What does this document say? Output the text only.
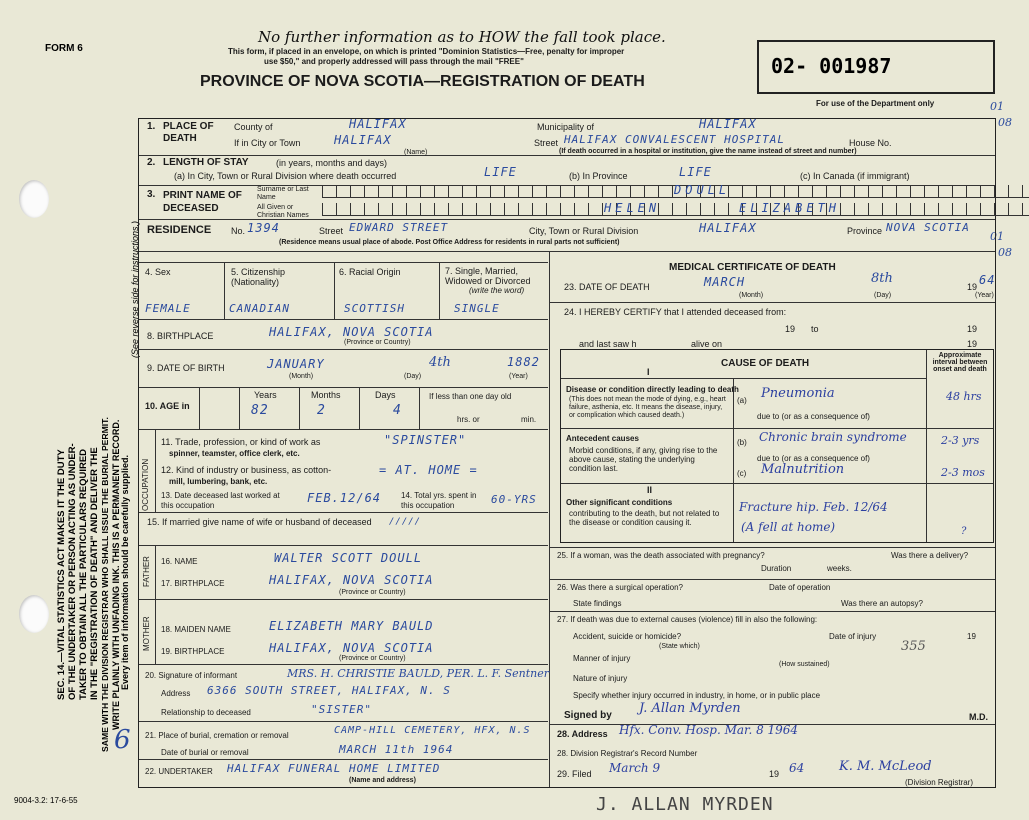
FORM 6
9004-3.2: 17-6-55
SEC. 14.—VITAL STATISTICS ACT MAKES IT THE DUTY OF THE UNDERTAKER OR PERSON ACTING AS UNDER- TAKER TO OBTAIN ALL THE PARTICULARS REQUIRED IN THE "REGISTRATION OF DEATH" AND DELIVER THE SAME WITH THE DIVISION REGISTRAR WHO SHALL ISSUE THE BURIAL PERMIT. WRITE PLAINLY WITH UNFADING INK. THIS IS A PERMANENT RECORD. Every item of information should be carefully supplied.
(See reverse side for instructions.)
No further information as to HOW the fall took place.
This form, if placed in an envelope, on which is printed "Dominion Statistics—Free, penalty for improper
use $50," and properly addressed will pass through the mail "FREE"
PROVINCE OF NOVA SCOTIA—REGISTRATION OF DEATH
02- 001987
For use of the Department only	01
08
01
08
1. PLACE OF DEATH
County of	HALIFAX	Municipality of	HALIFAX
If in City or Town	HALIFAX
(Name)
Street HALIFAX CONVALESCENT HOSPITAL	House No.
(If death occurred in a hospital or institution, give the name instead of street and number)
2. LENGTH OF STAY	(in years, months and days)
(a) In City, Town or Rural Division where death occurred	LIFE	(b) In Province	LIFE	(c) In Canada (if immigrant)
3. PRINT NAME OF DECEASED
Surname or Last Name
All Given or Christian Names
DOULL
HELEN	ELIZABETH
RESIDENCE No. 1394	Street EDWARD STREET	City, Town or Rural Division	HALIFAX	Province NOVA SCOTIA
(Residence means usual place of abode. Post Office Address for residents in rural parts not sufficient)
4. Sex
FEMALE
5. Citizenship (Nationality)
CANADIAN
6. Racial Origin
SCOTTISH
7. Single, Married, Widowed or Divorced
(write the word)
SINGLE
8. BIRTHPLACE	HALIFAX, NOVA SCOTIA
(Province or Country)
9. DATE OF BIRTH	JANUARY	4th	1882
(Month)	(Day)	(Year)
10. AGE in
Years	Months	Days
82	2	4
If less than one day old
hrs. or	min.
OCCUPATION
11. Trade, profession, or kind of work as
spinner, teamster, office clerk, etc.
"SPINSTER"
12. Kind of industry or business, as cotton-
mill, lumbering, bank, etc.
= AT. HOME =
13. Date deceased last worked at this occupation
FEB.12/64 14. Total yrs. spent in this occupation	60-YRS
15. If married give name of wife or husband of deceased /////
FATHER
MOTHER
16. NAME	WALTER SCOTT DOULL
17. BIRTHPLACE	HALIFAX, NOVA SCOTIA
(Province or Country)
18. MAIDEN NAME	ELIZABETH MARY BAULD
19. BIRTHPLACE	HALIFAX, NOVA SCOTIA
(Province or Country)
20. Signature of informant	MRS. H. CHRISTIE BAULD, PER. L. F. Sentner
Address 6366 SOUTH STREET, HALIFAX, N. S
Relationship to deceased	"SISTER"
21. Place of burial, cremation or removal	CAMP-HILL CEMETERY, HFX, N.S
Date of burial or removal	MARCH 11th 1964
22. UNDERTAKER HALIFAX FUNERAL HOME LIMITED
(Name and address)
MEDICAL CERTIFICATE OF DEATH
23. DATE OF DEATH	MARCH	8th
19 64
(Month)	(Day)	(Year)
24. I HEREBY CERTIFY that I attended deceased from:
19 to	19
and last saw h	alive on	19
25. If a woman, was the death associated with pregnancy?
Duration	weeks.
Was there a delivery?
26. Was there a surgical operation?	Date of operation
State findings	Was there an autopsy?
27. If death was due to external causes (violence) fill in also the following:
Accident, suicide or homicide?	Date of injury	19
(State which)
Manner of injury
355
(How sustained)
Nature of injury
Specify whether injury occurred in industry, in home, or in public place
Signed by J. Allan Myrden
M.D.
28. Address Hfx. Conv. Hosp. Mar. 8 1964
28. Division Registrar's Record Number
29. Filed March 9	19 64	K. M. McLeod
CAUSE OF DEATH
Approximate interval between onset and death
I
Disease or condition directly leading to death
(This does not mean the mode of dying, e.g., heart failure, asthenia, etc. It means the disease, injury, or complication which caused death.)
(a) Pneumonia	48 hrs
due to (or as a consequence of)
Antecedent causes
Morbid conditions, if any, giving rise to the above cause, stating the underlying condition last.
(b) Chronic brain syndrome	2-3 yrs
due to (or as a consequence of)
(c) Malnutrition	2-3 mos
II
Other significant conditions
contributing to the death, but not related to the disease or condition causing it.
Fracture hip. Feb. 12/64
(A fell at home)	?
J. ALLAN MYRDEN
6
(Division Registrar)
